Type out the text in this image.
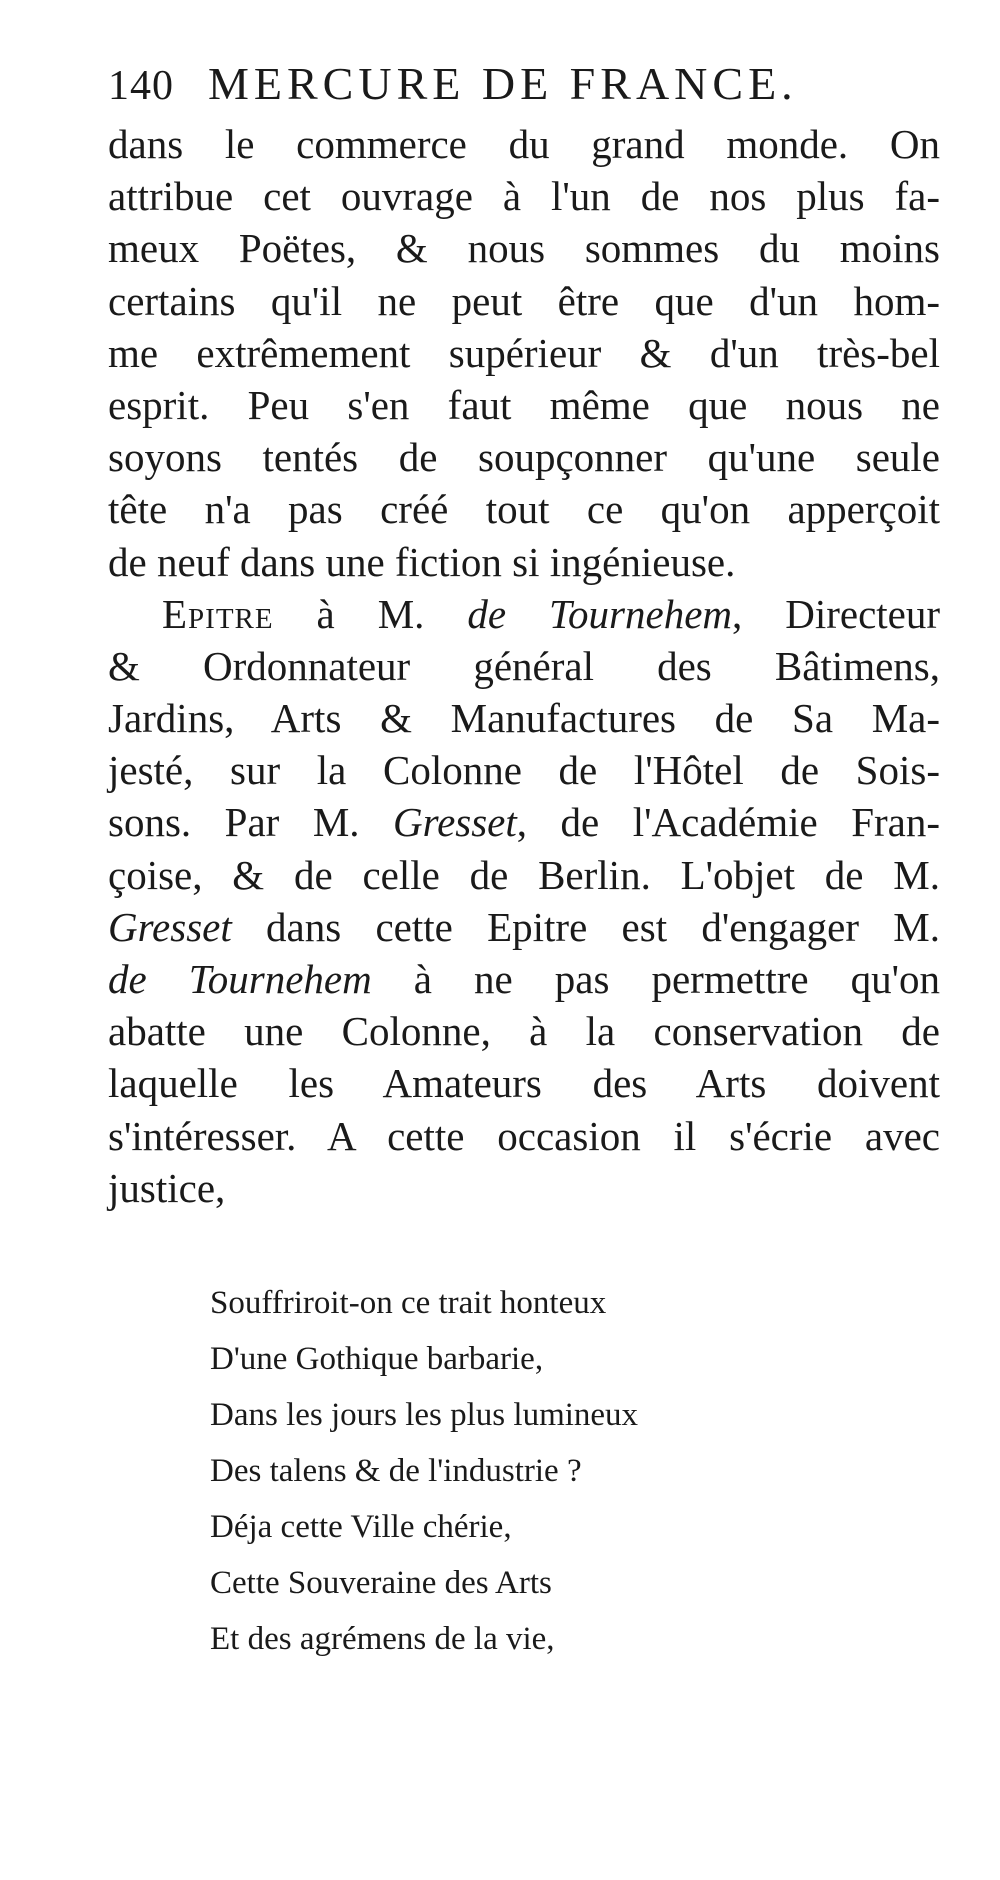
140 MERCURE DE FRANCE.
dans le commerce du grand monde. On
attribue cet ouvrage à l'un de nos plus fa-
meux Poëtes, & nous sommes du moins
certains qu'il ne peut être que d'un hom-
me extrêmement supérieur & d'un très-bel
esprit. Peu s'en faut même que nous ne
soyons tentés de soupçonner qu'une seule
tête n'a pas créé tout ce qu'on apperçoit
de neuf dans une fiction si ingénieuse.
Epitre à M. de Tournehem, Directeur
& Ordonnateur général des Bâtimens,
Jardins, Arts & Manufactures de Sa Ma-
jesté, sur la Colonne de l'Hôtel de Sois-
sons. Par M. Gresset, de l'Académie Fran-
çoise, & de celle de Berlin. L'objet de M.
Gresset dans cette Epitre est d'engager M.
de Tournehem à ne pas permettre qu'on
abatte une Colonne, à la conservation de
laquelle les Amateurs des Arts doivent
s'intéresser. A cette occasion il s'écrie avec
justice,
Souffriroit-on ce trait honteux
D'une Gothique barbarie,
Dans les jours les plus lumineux
Des talens & de l'industrie ?
Déja cette Ville chérie,
Cette Souveraine des Arts
Et des agrémens de la vie,
